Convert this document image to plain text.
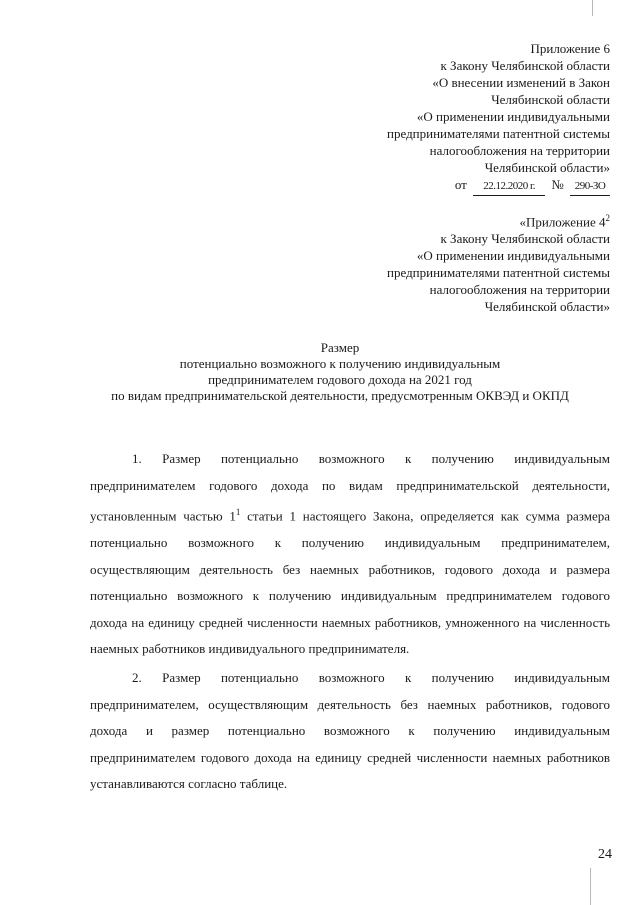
Приложение 6
к Закону Челябинской области
«О внесении изменений в Закон
Челябинской области
«О применении индивидуальными
предпринимателями патентной системы
налогообложения на территории
Челябинской области»
от 22.12.2020 г. № 290-ЗО
«Приложение $4^2$
к Закону Челябинской области
«О применении индивидуальными
предпринимателями патентной системы
налогообложения на территории
Челябинской области»
Размер
потенциально возможного к получению индивидуальным
предпринимателем годового дохода на 2021 год
по видам предпринимательской деятельности, предусмотренным ОКВЭД и ОКПД

1. Размер потенциально возможного к получению индивидуальным предпринимателем годового дохода по видам предпринимательской деятельности, установленным частью $1^1$ статьи 1 настоящего Закона, определяется как сумма размера потенциально возможного к получению индивидуальным предпринимателем, осуществляющим деятельность без наемных работников, годового дохода и размера потенциально возможного к получению индивидуальным предпринимателем годового дохода на единицу средней численности наемных работников, умноженного на численность наемных работников индивидуального предпринимателя.

2. Размер потенциально возможного к получению индивидуальным предпринимателем, осуществляющим деятельность без наемных работников, годового дохода и размер потенциально возможного к получению индивидуальным предпринимателем годового дохода на единицу средней численности наемных работников устанавливаются согласно таблице.

24
